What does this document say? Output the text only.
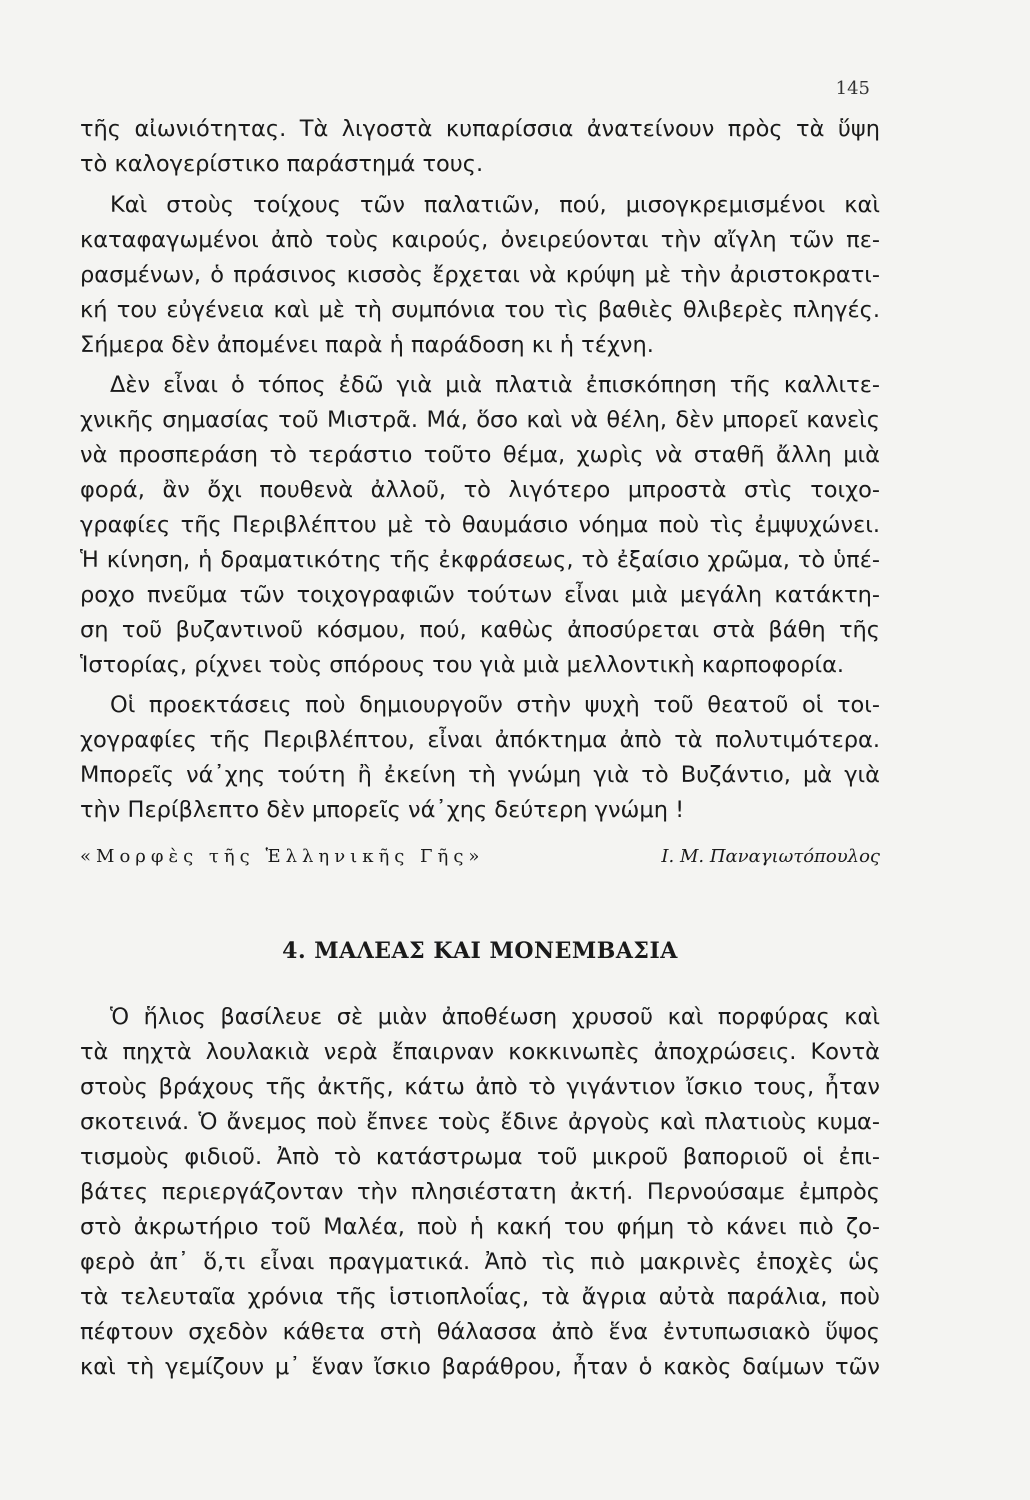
145
τῆς αἰωνιότητας. Τὰ λιγοστὰ κυπαρίσσια ἀνατείνουν πρὸς τὰ ὕψη
τὸ καλογερίστικο παράστημά τους.
Καὶ στοὺς τοίχους τῶν παλατιῶν, πού, μισογκρεμισμένοι καὶ
καταφαγωμένοι ἀπὸ τοὺς καιρούς, ὀνειρεύονται τὴν αἴγλη τῶν πε-
ρασμένων, ὁ πράσινος κισσὸς ἔρχεται νὰ κρύψη μὲ τὴν ἀριστοκρατι-
κή του εὐγένεια καὶ μὲ τὴ συμπόνια του τὶς βαθιὲς θλιβερὲς πληγές.
Σήμερα δὲν ἀπομένει παρὰ ἡ παράδοση κι ἡ τέχνη.
Δὲν εἶναι ὁ τόπος ἐδῶ γιὰ μιὰ πλατιὰ ἐπισκόπηση τῆς καλλιτε-
χνικῆς σημασίας τοῦ Μιστρᾶ. Μά, ὅσο καὶ νὰ θέλη, δὲν μπορεῖ κανεὶς
νὰ προσπεράση τὸ τεράστιο τοῦτο θέμα, χωρὶς νὰ σταθῆ ἄλλη μιὰ
φορά, ἂν ὄχι πουθενὰ ἀλλοῦ, τὸ λιγότερο μπροστὰ στὶς τοιχο-
γραφίες τῆς Περιβλέπτου μὲ τὸ θαυμάσιο νόημα ποὺ τὶς ἐμψυχώνει.
Ἡ κίνηση, ἡ δραματικότης τῆς ἐκφράσεως, τὸ ἐξαίσιο χρῶμα, τὸ ὑπέ-
ροχο πνεῦμα τῶν τοιχογραφιῶν τούτων εἶναι μιὰ μεγάλη κατάκτη-
ση τοῦ βυζαντινοῦ κόσμου, πού, καθὼς ἀποσύρεται στὰ βάθη τῆς
Ἱστορίας, ρίχνει τοὺς σπόρους του γιὰ μιὰ μελλοντικὴ καρποφορία.
Οἱ προεκτάσεις ποὺ δημιουργοῦν στὴν ψυχὴ τοῦ θεατοῦ οἱ τοι-
χογραφίες τῆς Περιβλέπτου, εἶναι ἀπόκτημα ἀπὸ τὰ πολυτιμότερα.
Μπορεῖς νά᾿χης τούτη ἢ ἐκείνη τὴ γνώμη γιὰ τὸ Βυζάντιο, μὰ γιὰ
τὴν Περίβλεπτο δὲν μπορεῖς νά᾿χης δεύτερη γνώμη !
«Μορφὲς τῆς Ἑλληνικῆς Γῆς»	Ι. Μ. Παναγιωτόπουλος
4. ΜΑΛΕΑΣ ΚΑΙ ΜΟΝΕΜΒΑΣΙΑ
Ὁ ἥλιος βασίλευε σὲ μιὰν ἀποθέωση χρυσοῦ καὶ πορφύρας καὶ
τὰ πηχτὰ λουλακιὰ νερὰ ἔπαιρναν κοκκινωπὲς ἀποχρώσεις. Κοντὰ
στοὺς βράχους τῆς ἀκτῆς, κάτω ἀπὸ τὸ γιγάντιον ἴσκιο τους, ἦταν
σκοτεινά. Ὁ ἄνεμος ποὺ ἔπνεε τοὺς ἔδινε ἀργοὺς καὶ πλατιοὺς κυμα-
τισμοὺς φιδιοῦ. Ἀπὸ τὸ κατάστρωμα τοῦ μικροῦ βαποριοῦ οἱ ἐπι-
βάτες περιεργάζονταν τὴν πλησιέστατη ἀκτή. Περνούσαμε ἐμπρὸς
στὸ ἀκρωτήριο τοῦ Μαλέα, ποὺ ἡ κακή του φήμη τὸ κάνει πιὸ ζο-
φερὸ ἀπ᾿ ὅ,τι εἶναι πραγματικά. Ἀπὸ τὶς πιὸ μακρινὲς ἐποχὲς ὡς
τὰ τελευταῖα χρόνια τῆς ἱστιοπλοΐας, τὰ ἄγρια αὐτὰ παράλια, ποὺ
πέφτουν σχεδὸν κάθετα στὴ θάλασσα ἀπὸ ἕνα ἐντυπωσιακὸ ὕψος
καὶ τὴ γεμίζουν μ᾿ ἕναν ἴσκιο βαράθρου, ἦταν ὁ κακὸς δαίμων τῶν
